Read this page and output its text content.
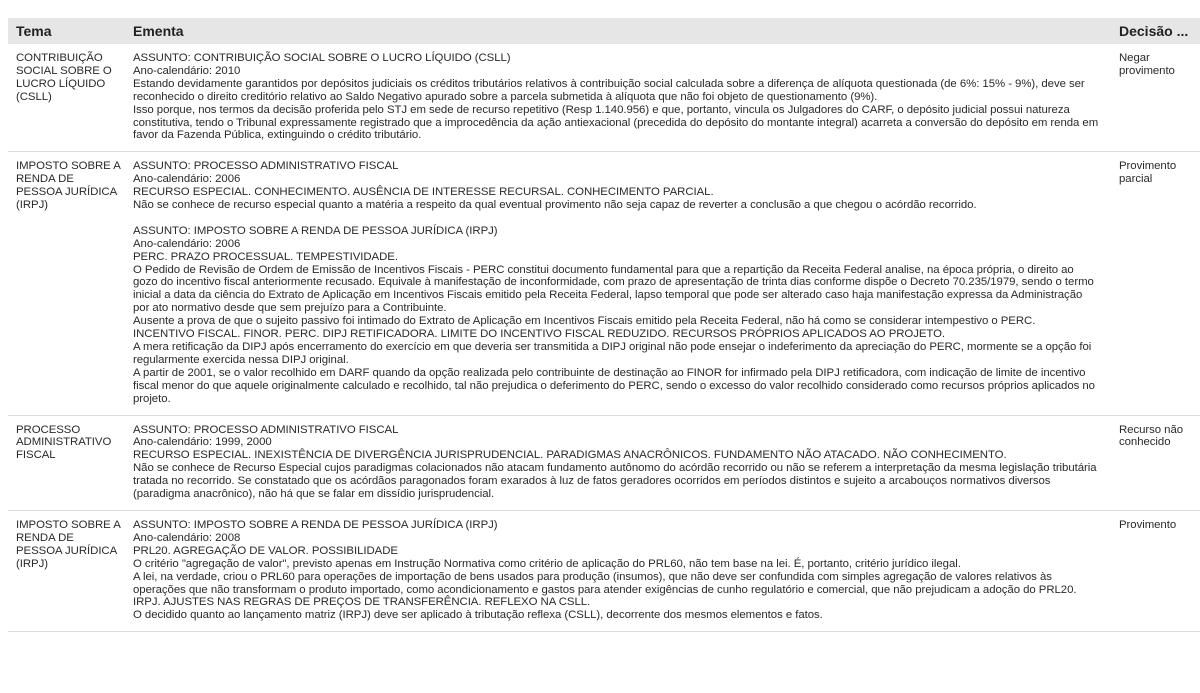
Tema	Ementa	Decisão ...
CONTRIBUIÇÃO SOCIAL SOBRE O LUCRO LÍQUIDO (CSLL)
ASSUNTO: CONTRIBUIÇÃO SOCIAL SOBRE O LUCRO LÍQUIDO (CSLL)
Ano-calendário: 2010
Estando devidamente garantidos por depósitos judiciais os créditos tributários relativos à contribuição social calculada sobre a diferença de alíquota questionada (de 6%: 15% - 9%), deve ser reconhecido o direito creditório relativo ao Saldo Negativo apurado sobre a parcela submetida à alíquota que não foi objeto de questionamento (9%).
Isso porque, nos termos da decisão proferida pelo STJ em sede de recurso repetitivo (Resp 1.140.956) e que, portanto, vincula os Julgadores do CARF, o depósito judicial possui natureza constitutiva, tendo o Tribunal expressamente registrado que a improcedência da ação antiexacional (precedida do depósito do montante integral) acarreta a conversão do depósito em renda em favor da Fazenda Pública, extinguindo o crédito tributário.
Negar provimento
IMPOSTO SOBRE A RENDA DE PESSOA JURÍDICA (IRPJ)
ASSUNTO: PROCESSO ADMINISTRATIVO FISCAL
Ano-calendário: 2006
RECURSO ESPECIAL. CONHECIMENTO. AUSÊNCIA DE INTERESSE RECURSAL. CONHECIMENTO PARCIAL.
Não se conhece de recurso especial quanto a matéria a respeito da qual eventual provimento não seja capaz de reverter a conclusão a que chegou o acórdão recorrido.
ASSUNTO: IMPOSTO SOBRE A RENDA DE PESSOA JURÍDICA (IRPJ)
Ano-calendário: 2006
PERC. PRAZO PROCESSUAL. TEMPESTIVIDADE.
O Pedido de Revisão de Ordem de Emissão de Incentivos Fiscais - PERC constitui documento fundamental para que a repartição da Receita Federal analise, na época própria, o direito ao gozo do incentivo fiscal anteriormente recusado. Equivale à manifestação de inconformidade, com prazo de apresentação de trinta dias conforme dispõe o Decreto 70.235/1979, sendo o termo inicial a data da ciência do Extrato de Aplicação em Incentivos Fiscais emitido pela Receita Federal, lapso temporal que pode ser alterado caso haja manifestação expressa da Administração por ato normativo desde que sem prejuízo para a Contribuinte.
Ausente a prova de que o sujeito passivo foi intimado do Extrato de Aplicação em Incentivos Fiscais emitido pela Receita Federal, não há como se considerar intempestivo o PERC.
INCENTIVO FISCAL. FINOR. PERC. DIPJ RETIFICADORA. LIMITE DO INCENTIVO FISCAL REDUZIDO. RECURSOS PRÓPRIOS APLICADOS AO PROJETO.
A mera retificação da DIPJ após encerramento do exercício em que deveria ser transmitida a DIPJ original não pode ensejar o indeferimento da apreciação do PERC, mormente se a opção foi regularmente exercida nessa DIPJ original.
A partir de 2001, se o valor recolhido em DARF quando da opção realizada pelo contribuinte de destinação ao FINOR for infirmado pela DIPJ retificadora, com indicação de limite de incentivo fiscal menor do que aquele originalmente calculado e recolhido, tal não prejudica o deferimento do PERC, sendo o excesso do valor recolhido considerado como recursos próprios aplicados no projeto.
Provimento parcial
PROCESSO ADMINISTRATIVO FISCAL
ASSUNTO: PROCESSO ADMINISTRATIVO FISCAL
Ano-calendário: 1999, 2000
RECURSO ESPECIAL. INEXISTÊNCIA DE DIVERGÊNCIA JURISPRUDENCIAL. PARADIGMAS ANACRÔNICOS. FUNDAMENTO NÃO ATACADO. NÃO CONHECIMENTO.
Não se conhece de Recurso Especial cujos paradigmas colacionados não atacam fundamento autônomo do acórdão recorrido ou não se referem a interpretação da mesma legislação tributária tratada no recorrido. Se constatado que os acórdãos paragonados foram exarados à luz de fatos geradores ocorridos em períodos distintos e sujeito a arcabouços normativos diversos (paradigma anacrônico), não há que se falar em dissídio jurisprudencial.
Recurso não conhecido
IMPOSTO SOBRE A RENDA DE PESSOA JURÍDICA (IRPJ)
ASSUNTO: IMPOSTO SOBRE A RENDA DE PESSOA JURÍDICA (IRPJ)
Ano-calendário: 2008
PRL20. AGREGAÇÃO DE VALOR. POSSIBILIDADE
O critério "agregação de valor", previsto apenas em Instrução Normativa como critério de aplicação do PRL60, não tem base na lei. É, portanto, critério jurídico ilegal.
A lei, na verdade, criou o PRL60 para operações de importação de bens usados para produção (insumos), que não deve ser confundida com simples agregação de valores relativos às operações que não transformam o produto importado, como acondicionamento e gastos para atender exigências de cunho regulatório e comercial, que não prejudicam a adoção do PRL20.
IRPJ. AJUSTES NAS REGRAS DE PREÇOS DE TRANSFERÊNCIA. REFLEXO NA CSLL.
O decidido quanto ao lançamento matriz (IRPJ) deve ser aplicado à tributação reflexa (CSLL), decorrente dos mesmos elementos e fatos.
Provimento
